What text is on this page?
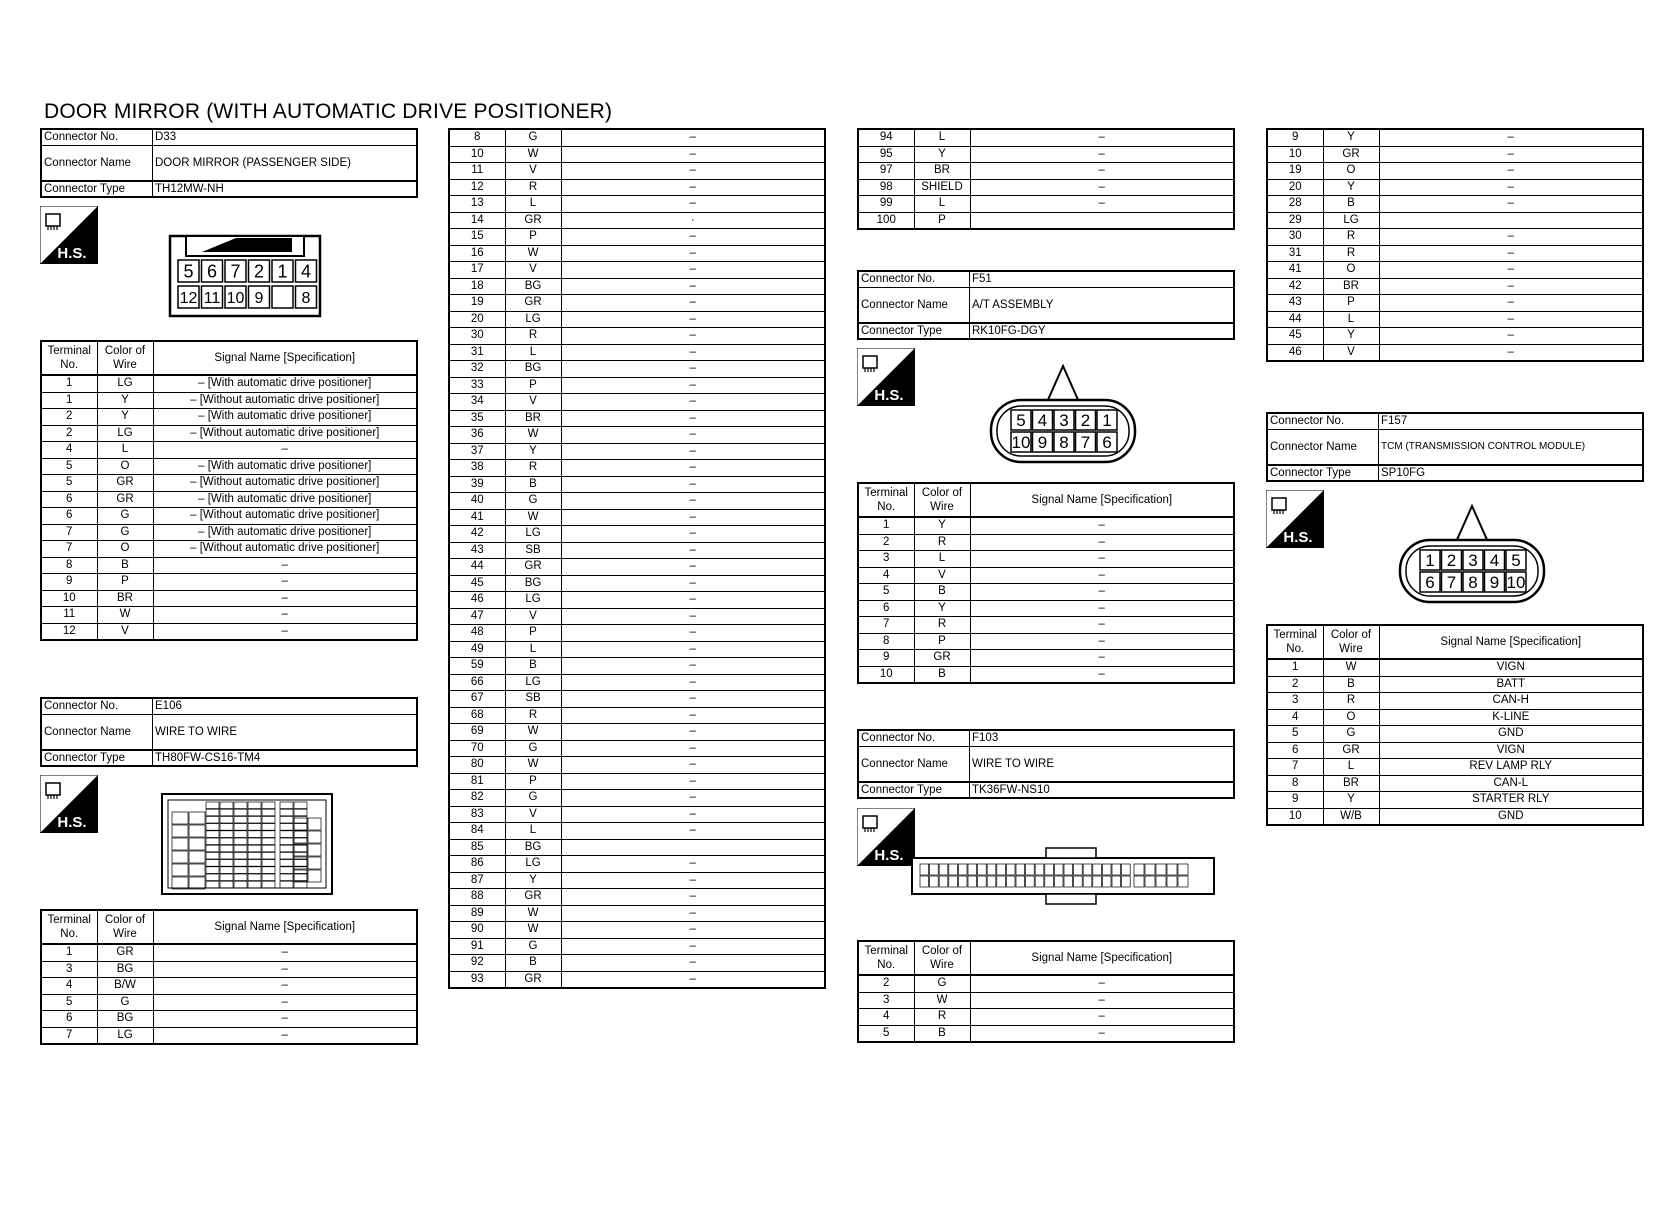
DOOR MIRROR (WITH AUTOMATIC DRIVE POSITIONER)
Connector No.	D33
Connector Name	DOOR MIRROR (PASSENGER SIDE)
Connector Type	TH12MW-NH
H.S.
5 6 7 2 1 4
12 11 10 9 8
Terminal No.	Color of Wire	Signal Name [Specification]
1	LG	– [With automatic drive positioner]
1	Y	– [Without automatic drive positioner]
2	Y	– [With automatic drive positioner]
2	LG	– [Without automatic drive positioner]
4	L	–
5	O	– [With automatic drive positioner]
5	GR	– [Without automatic drive positioner]
6	GR	– [With automatic drive positioner]
6	G	– [Without automatic drive positioner]
7	G	– [With automatic drive positioner]
7	O	– [Without automatic drive positioner]
8	B	–
9	P	–
10	BR	–
11	W	–
12	V	–
Connector No.	E106
Connector Name	WIRE TO WIRE
Connector Type	TH80FW-CS16-TM4
H.S.
Terminal No.	Color of Wire	Signal Name [Specification]
1	GR	–
3	BG	–
4	B/W	–
5	G	–
6	BG	–
7	LG	–
8	G	–
10	W	–
11	V	–
12	R	–
13	L	–
14	GR	·
15	P	–
16	W	–
17	V	–
18	BG	–
19	GR	–
20	LG	–
30	R	–
31	L	–
32	BG	–
33	P	–
34	V	–
35	BR	–
36	W	–
37	Y	–
38	R	–
39	B	–
40	G	–
41	W	–
42	LG	–
43	SB	–
44	GR	–
45	BG	–
46	LG	–
47	V	–
48	P	–
49	L	–
59	B	–
66	LG	–
67	SB	–
68	R	–
69	W	–
70	G	–
80	W	–
81	P	–
82	G	–
83	V	–
84	L	–
85	BG	
86	LG	–
87	Y	–
88	GR	–
89	W	–
90	W	–
91	G	–
92	B	–
93	GR	–
94	L	–
95	Y	–
97	BR	–
98	SHIELD	–
99	L	–
100	P	
Connector No.	F51
Connector Name	A/T ASSEMBLY
Connector Type	RK10FG-DGY
H.S.
5 4 3 2 1
10 9 8 7 6
Terminal No.	Color of Wire	Signal Name [Specification]
1	Y	–
2	R	–
3	L	–
4	V	–
5	B	–
6	Y	–
7	R	–
8	P	–
9	GR	–
10	B	–
Connector No.	F103
Connector Name	WIRE TO WIRE
Connector Type	TK36FW-NS10
H.S.
Terminal No.	Color of Wire	Signal Name [Specification]
2	G	–
3	W	–
4	R	–
5	B	–
9	Y	–
10	GR	–
19	O	–
20	Y	–
28	B	–
29	LG	
30	R	–
31	R	–
41	O	–
42	BR	–
43	P	–
44	L	–
45	Y	–
46	V	–
Connector No.	F157
Connector Name	TCM (TRANSMISSION CONTROL MODULE)
Connector Type	SP10FG
H.S.
1 2 3 4 5
6 7 8 9 10
Terminal No.	Color of Wire	Signal Name [Specification]
1	W	VIGN
2	B	BATT
3	R	CAN-H
4	O	K-LINE
5	G	GND
6	GR	VIGN
7	L	REV LAMP RLY
8	BR	CAN-L
9	Y	STARTER RLY
10	W/B	GND
